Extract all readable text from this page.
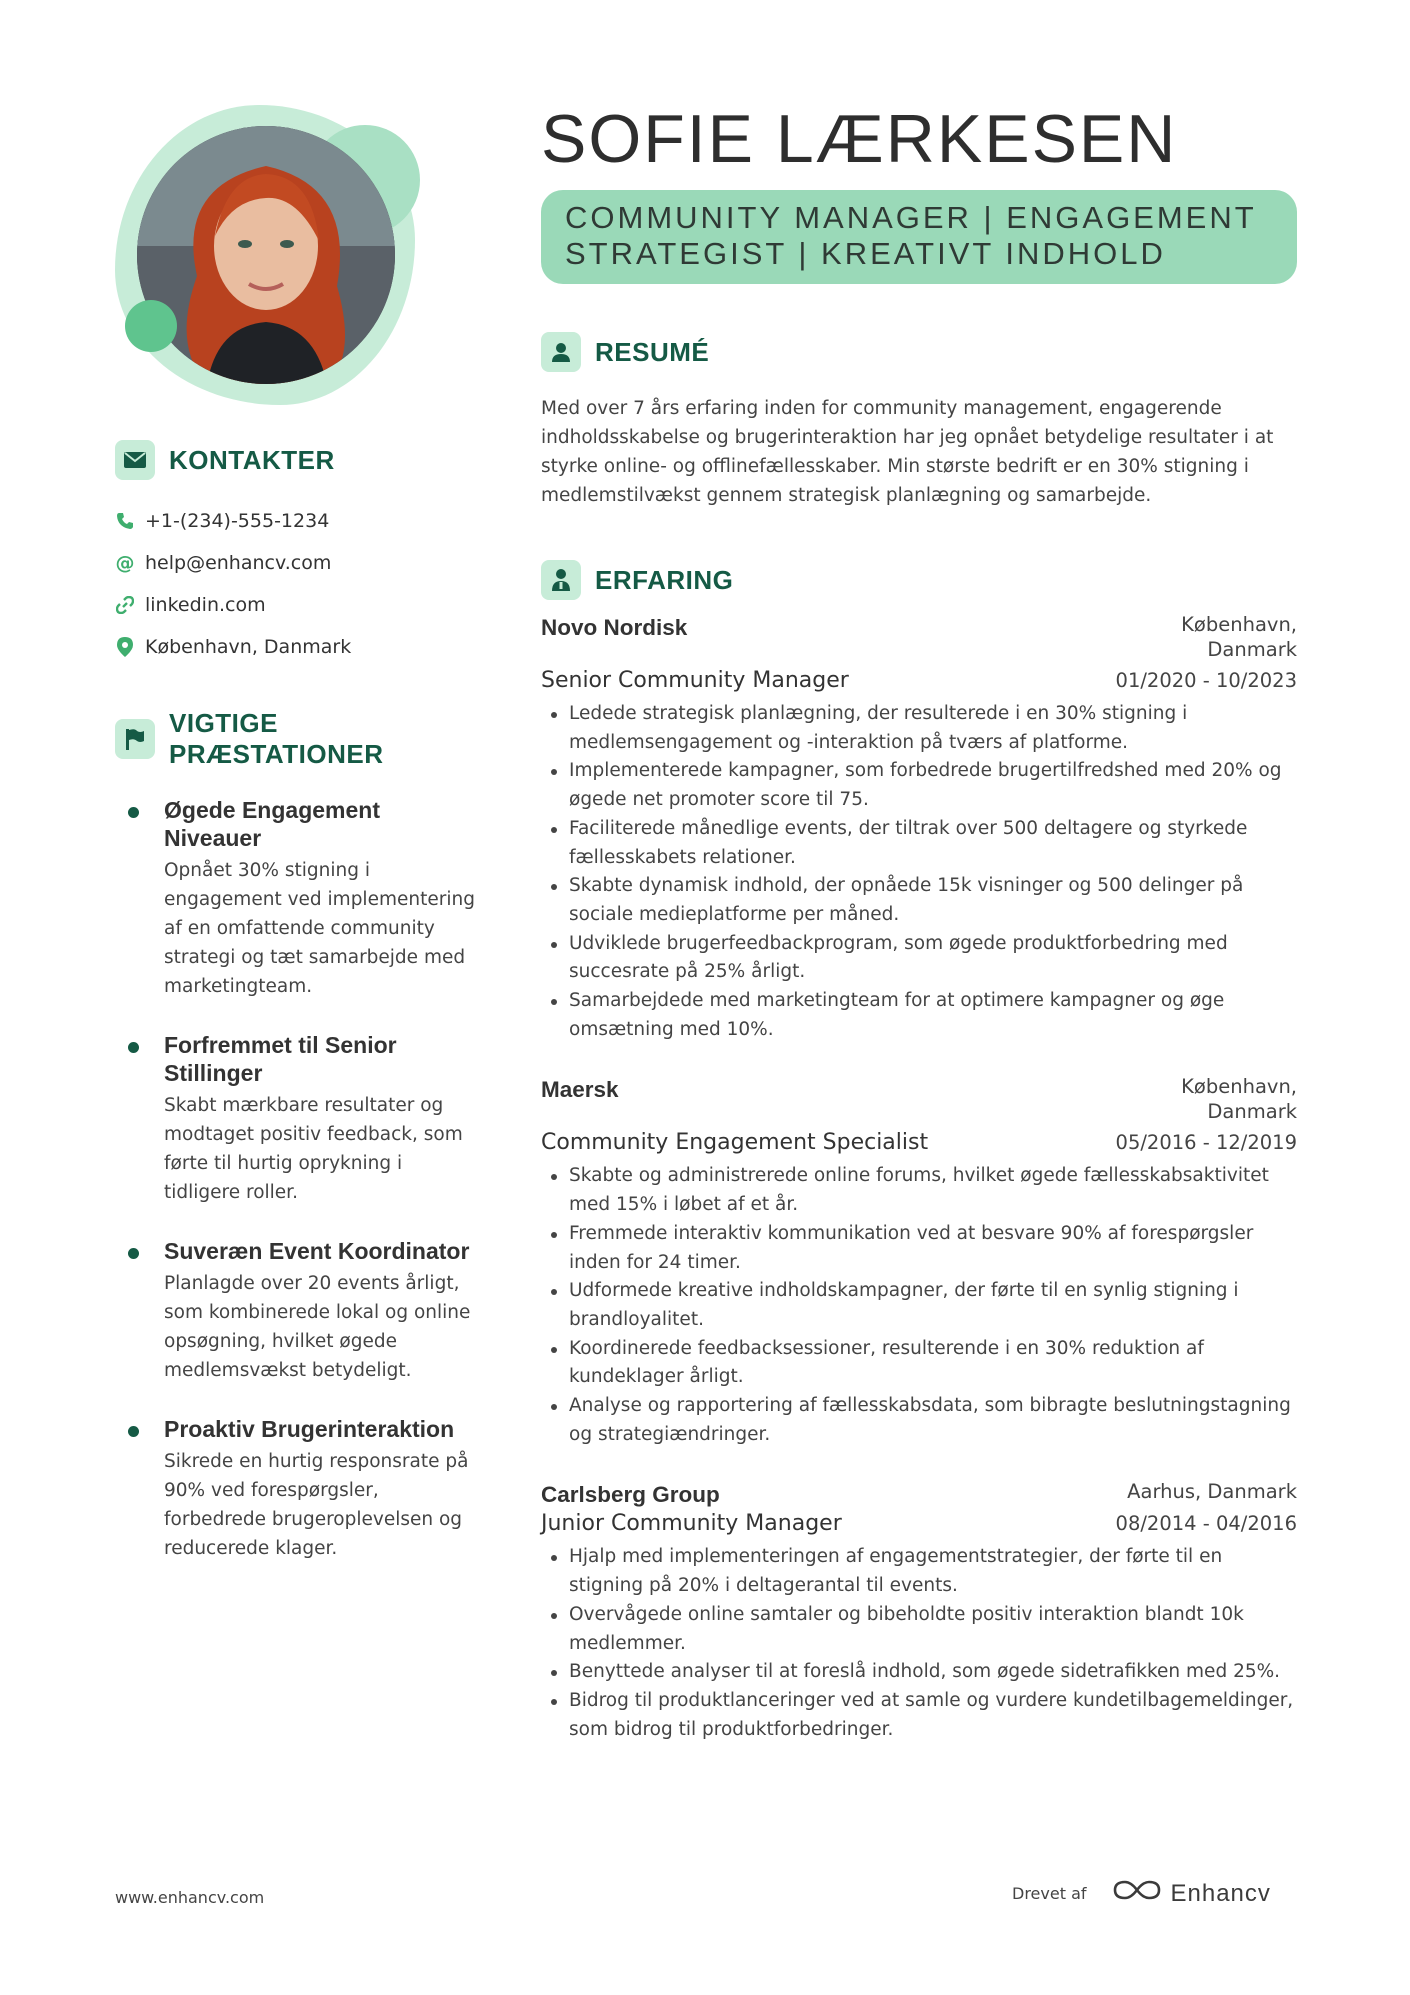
KONTAKTER
+1-(234)-555-1234
@ help@enhancv.com
linkedin.com
København, Danmark
VIGTIGE PRÆSTATIONER
Øgede Engagement Niveauer
Opnået 30% stigning i engagement ved implementering af en omfattende community strategi og tæt samarbejde med marketingteam.
Forfremmet til Senior Stillinger
Skabt mærkbare resultater og modtaget positiv feedback, som førte til hurtig oprykning i tidligere roller.
Suveræn Event Koordinator
Planlagde over 20 events årligt, som kombinerede lokal og online opsøgning, hvilket øgede medlemsvækst betydeligt.
Proaktiv Brugerinteraktion
Sikrede en hurtig responsrate på 90% ved forespørgsler, forbedrede brugeroplevelsen og reducerede klager.
SOFIE LÆRKESEN
COMMUNITY MANAGER | ENGAGEMENT STRATEGIST | KREATIVT INDHOLD
RESUMÉ
Med over 7 års erfaring inden for community management, engagerende indholdsskabelse og brugerinteraktion har jeg opnået betydelige resultater i at styrke online- og offlinefællesskaber. Min største bedrift er en 30% stigning i medlemstilvækst gennem strategisk planlægning og samarbejde.
ERFARING
Novo Nordisk	København, Danmark
Senior Community Manager	01/2020 - 10/2023
Ledede strategisk planlægning, der resulterede i en 30% stigning i medlemsengagement og -interaktion på tværs af platforme.
Implementerede kampagner, som forbedrede brugertilfredshed med 20% og øgede net promoter score til 75.
Faciliterede månedlige events, der tiltrak over 500 deltagere og styrkede fællesskabets relationer.
Skabte dynamisk indhold, der opnåede 15k visninger og 500 delinger på sociale medieplatforme per måned.
Udviklede brugerfeedbackprogram, som øgede produktforbedring med succesrate på 25% årligt.
Samarbejdede med marketingteam for at optimere kampagner og øge omsætning med 10%.
Maersk	København, Danmark
Community Engagement Specialist	05/2016 - 12/2019
Skabte og administrerede online forums, hvilket øgede fællesskabsaktivitet med 15% i løbet af et år.
Fremmede interaktiv kommunikation ved at besvare 90% af forespørgsler inden for 24 timer.
Udformede kreative indholdskampagner, der førte til en synlig stigning i brandloyalitet.
Koordinerede feedbacksessioner, resulterende i en 30% reduktion af kundeklager årligt.
Analyse og rapportering af fællesskabsdata, som bibragte beslutningstagning og strategiændringer.
Carlsberg Group	Aarhus, Danmark
Junior Community Manager	08/2014 - 04/2016
Hjalp med implementeringen af engagementstrategier, der førte til en stigning på 20% i deltagerantal til events.
Overvågede online samtaler og bibeholdte positiv interaktion blandt 10k medlemmer.
Benyttede analyser til at foreslå indhold, som øgede sidetrafikken med 25%.
Bidrog til produktlanceringer ved at samle og vurdere kundetilbagemeldinger, som bidrog til produktforbedringer.
www.enhancv.com	Drevet af	Enhancv
